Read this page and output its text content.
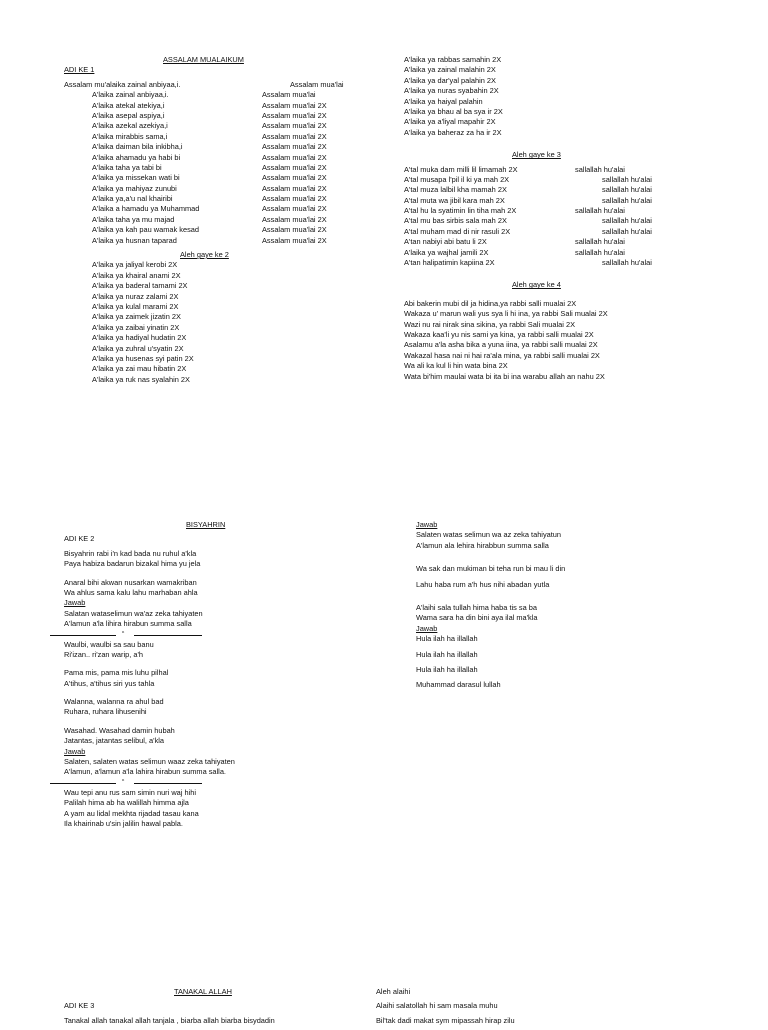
ASSALAM MUALAIKUM
ADI KE 1
Assalam mu'alaika zainal anbiyaa,i.	Assalam mua'lai
A'laika zainal anbiyaa,i.	Assalam mua'lai
A'laika atekal atekiya,i	Assalam mua'lai 2X
A'laika asepal aspiya,i	Assalam mua'lai 2X
A'laika azekal azekiya,i	Assalam mua'lai 2X
A'laika mirabbis sama,i	Assalam mua'lai 2X
A'laika daiman bila inkibha,i	Assalam mua'lai 2X
A'laika ahamadu ya habi bi	Assalam mua'lai 2X
A'laika taha ya tabi bi	Assalam mua'lai 2X
A'laika ya missekan wati bi	Assalam mua'lai 2X
A'laika ya mahiyaz zunubi	Assalam mua'lai 2X
A'laika ya,a'u nal khairibi	Assalam mua'lai 2X
A'laika a hamadu ya Muhammad	Assalam mua'lai 2X
A'laika taha ya mu majad	Assalam mua'lai 2X
A'laika ya kah pau wamak kesad	Assalam mua'lai 2X
A'laika ya husnan taparad	Assalam mua'lai 2X
Aleh gaye ke 2
A'laika ya jaliyal kerobi 2X
A'laika ya khairal anami 2X
A'laika ya baderal tamami 2X
A'laika ya nuraz zalami 2X
A'laika ya kulal marami 2X
A'laika ya zaimek jizatin 2X
A'laika ya zaibai yinatin 2X
A'laika ya hadiyal hudatin 2X
A'laika ya zuhral u'syatin 2X
A'laika ya husenas syi patin 2X
A'laika ya zai mau hibatin 2X
A'laika ya ruk nas syalahin 2X
A'laika ya rabbas samahin 2X
A'laika ya zainal malahin 2X
A'laika ya dar'yal palahin 2X
A'laika ya nuras syabahin 2X
A'laika ya haiyal palahin
A'laika ya bhau al ba sya ir 2X
A'laika ya a'liyal mapahir 2X
A'laika ya baheraz za ha ir 2X
Aleh gaye ke 3
A'tal muka dam milli lil limamah 2X	sallallah hu'alai
A'tal musapa l'pil il ki ya mah 2X	sallallah hu'alai
A'tal muza lalbil kha mamah 2X	sallallah hu'alai
A'tal muta wa jibil kara mah 2X	sallallah hu'alai
A'tal hu la syatimin lin tiha mah 2X	sallallah hu'alai
A'tal mu bas sirbis sala mah 2X	sallallah hu'alai
A'tal muham mad di nir rasuli 2X	sallallah hu'alai
A'tan nabiyi abi batu li 2X	sallallah hu'alai
A'laika ya wajhal jamili 2X	sallallah hu'alai
A'tan halipatimin kapiina 2X	sallallah hu'alai
Aleh gaye ke 4
Abi bakerin mubi dil ja hidina,ya rabbi salli mualai 2X
Wakaza u' marun wali yus sya li hi ina, ya rabbi Sali mualai 2X
Wazi nu rai nirak sina sikina, ya rabbi Sali mualai 2X
Wakaza kaa'li yu nis sami ya kina, ya rabbi salli mualai 2X
Asalamu a'la asha bika a yuna iina, ya rabbi salli mualai 2X
Wakazal hasa nai ni hai ra'ala mina, ya rabbi salli mualai 2X
Wa ali ka kul li hin wata bina 2X
Wata bi'him maulai wata bi ita bi ina warabu allah an nahu 2X
BISYAHRIN
ADI KE 2
Bisyahrin rabi i'n kad bada nu ruhul a'kla
Paya habiza badarun bizakal hima yu jela
Anaral bihi akwan nusarkan wamakriban
Wa ahlus sama kalu lahu marhaban ahla
Jawab
Salatan wataselimun wa'az zeka tahiyaten
A'lamun a'la lihira hirabun summa salla
“
Waulbi, waulbi sa sau banu
Ri'izan.. ri'zan warip, a'h
Pama mis, pama mis luhu pilhal
A'tihus, a'tihus siri yus tahla
Walanna, walanna ra ahul bad
Ruhara, ruhara lihusenihi
Wasahad. Wasahad damin hubah
Jatantas, jatantas selibul, a'kla
Jawab
Salaten, salaten watas selimun waaz zeka tahiyaten
A'lamun, a'lamun a'la lahira hirabun summa salla.
“
Wau tepi anu rus sam simin nuri waj hihi
Palilah hima ab ha walillah himma ajla
A yam au lidal mekhta rijadad tasau kana
Ila khairinab u'sin jalilin hawal pabla.
Jawab
Salaten watas selimun wa az zeka tahiyatun
A'lamun ala lehira hirabbun summa salla
Wa sak dan mukiman bi teha run bi mau li din
Lahu haba rum a'h hus nihi abadan yutla
A'laihi sala tullah hima haba tis sa ba
Wama sara ha din bini aya ilal ma'kla
Jawab
Hula ilah ha illallah
Hula ilah ha illallah
Hula ilah ha illallah
Muhammad darasul lullah
TANAKAL ALLAH
ADI KE 3
Tanakal allah tanakal allah tanjala , biarba allah biarba bisydadin
Aleh alaihi
Alaihi salatollah hi sam masala muhu
Bil'tak dadi makat sym mipassah hirap zilu
